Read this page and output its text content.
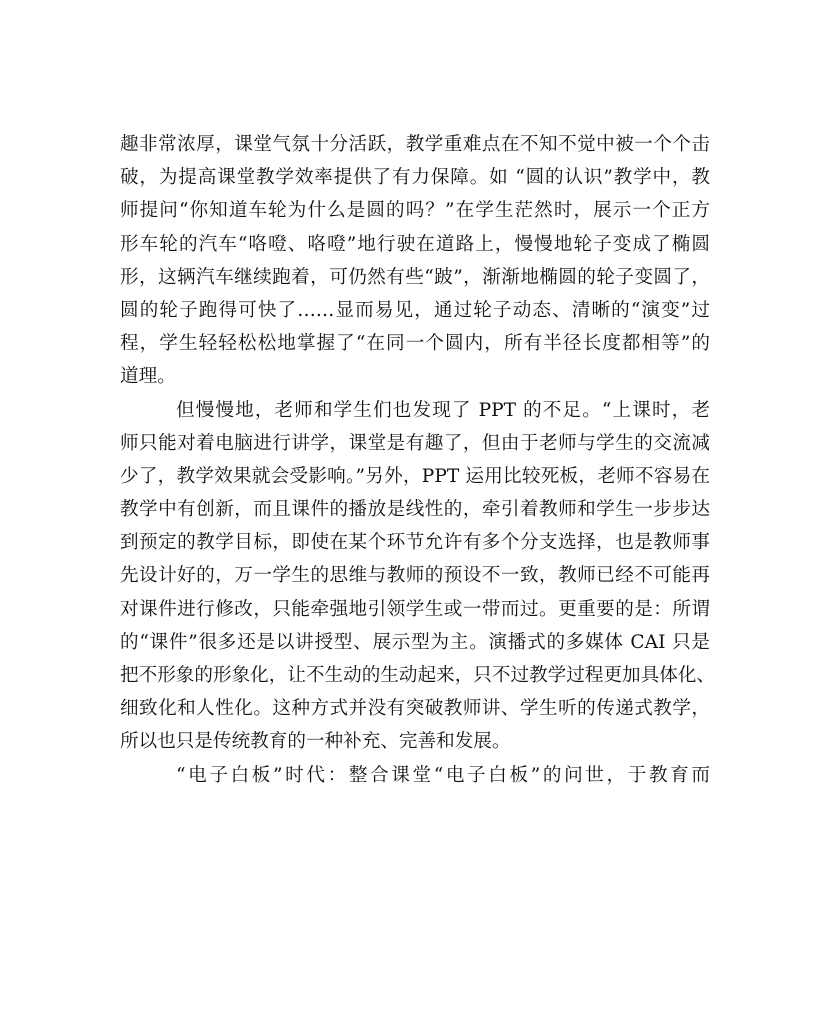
趣非常浓厚，课堂气氛十分活跃，教学重难点在不知不觉中被一个个击
破，为提高课堂教学效率提供了有力保障。如 “圆的认识”教学中，教
师提问“你知道车轮为什么是圆的吗？”在学生茫然时，展示一个正方
形车轮的汽车“咯噔、咯噔”地行驶在道路上，慢慢地轮子变成了椭圆
形，这辆汽车继续跑着，可仍然有些“跛”，渐渐地椭圆的轮子变圆了，
圆的轮子跑得可快了……显而易见，通过轮子动态、清晰的“演变”过
程，学生轻轻松松地掌握了“在同一个圆内，所有半径长度都相等”的
道理。
但慢慢地，老师和学生们也发现了 PPT 的不足。“上课时，老
师只能对着电脑进行讲学，课堂是有趣了，但由于老师与学生的交流减
少了，教学效果就会受影响。”另外，PPT 运用比较死板，老师不容易在
教学中有创新，而且课件的播放是线性的，牵引着教师和学生一步步达
到预定的教学目标，即使在某个环节允许有多个分支选择，也是教师事
先设计好的，万一学生的思维与教师的预设不一致，教师已经不可能再
对课件进行修改，只能牵强地引领学生或一带而过。更重要的是：所谓
的“课件”很多还是以讲授型、展示型为主。演播式的多媒体 CAI 只是
把不形象的形象化，让不生动的生动起来，只不过教学过程更加具体化、
细致化和人性化。这种方式并没有突破教师讲、学生听的传递式教学，
所以也只是传统教育的一种补充、完善和发展。
“电子白板”时代：整合课堂“电子白板”的问世，于教育而
